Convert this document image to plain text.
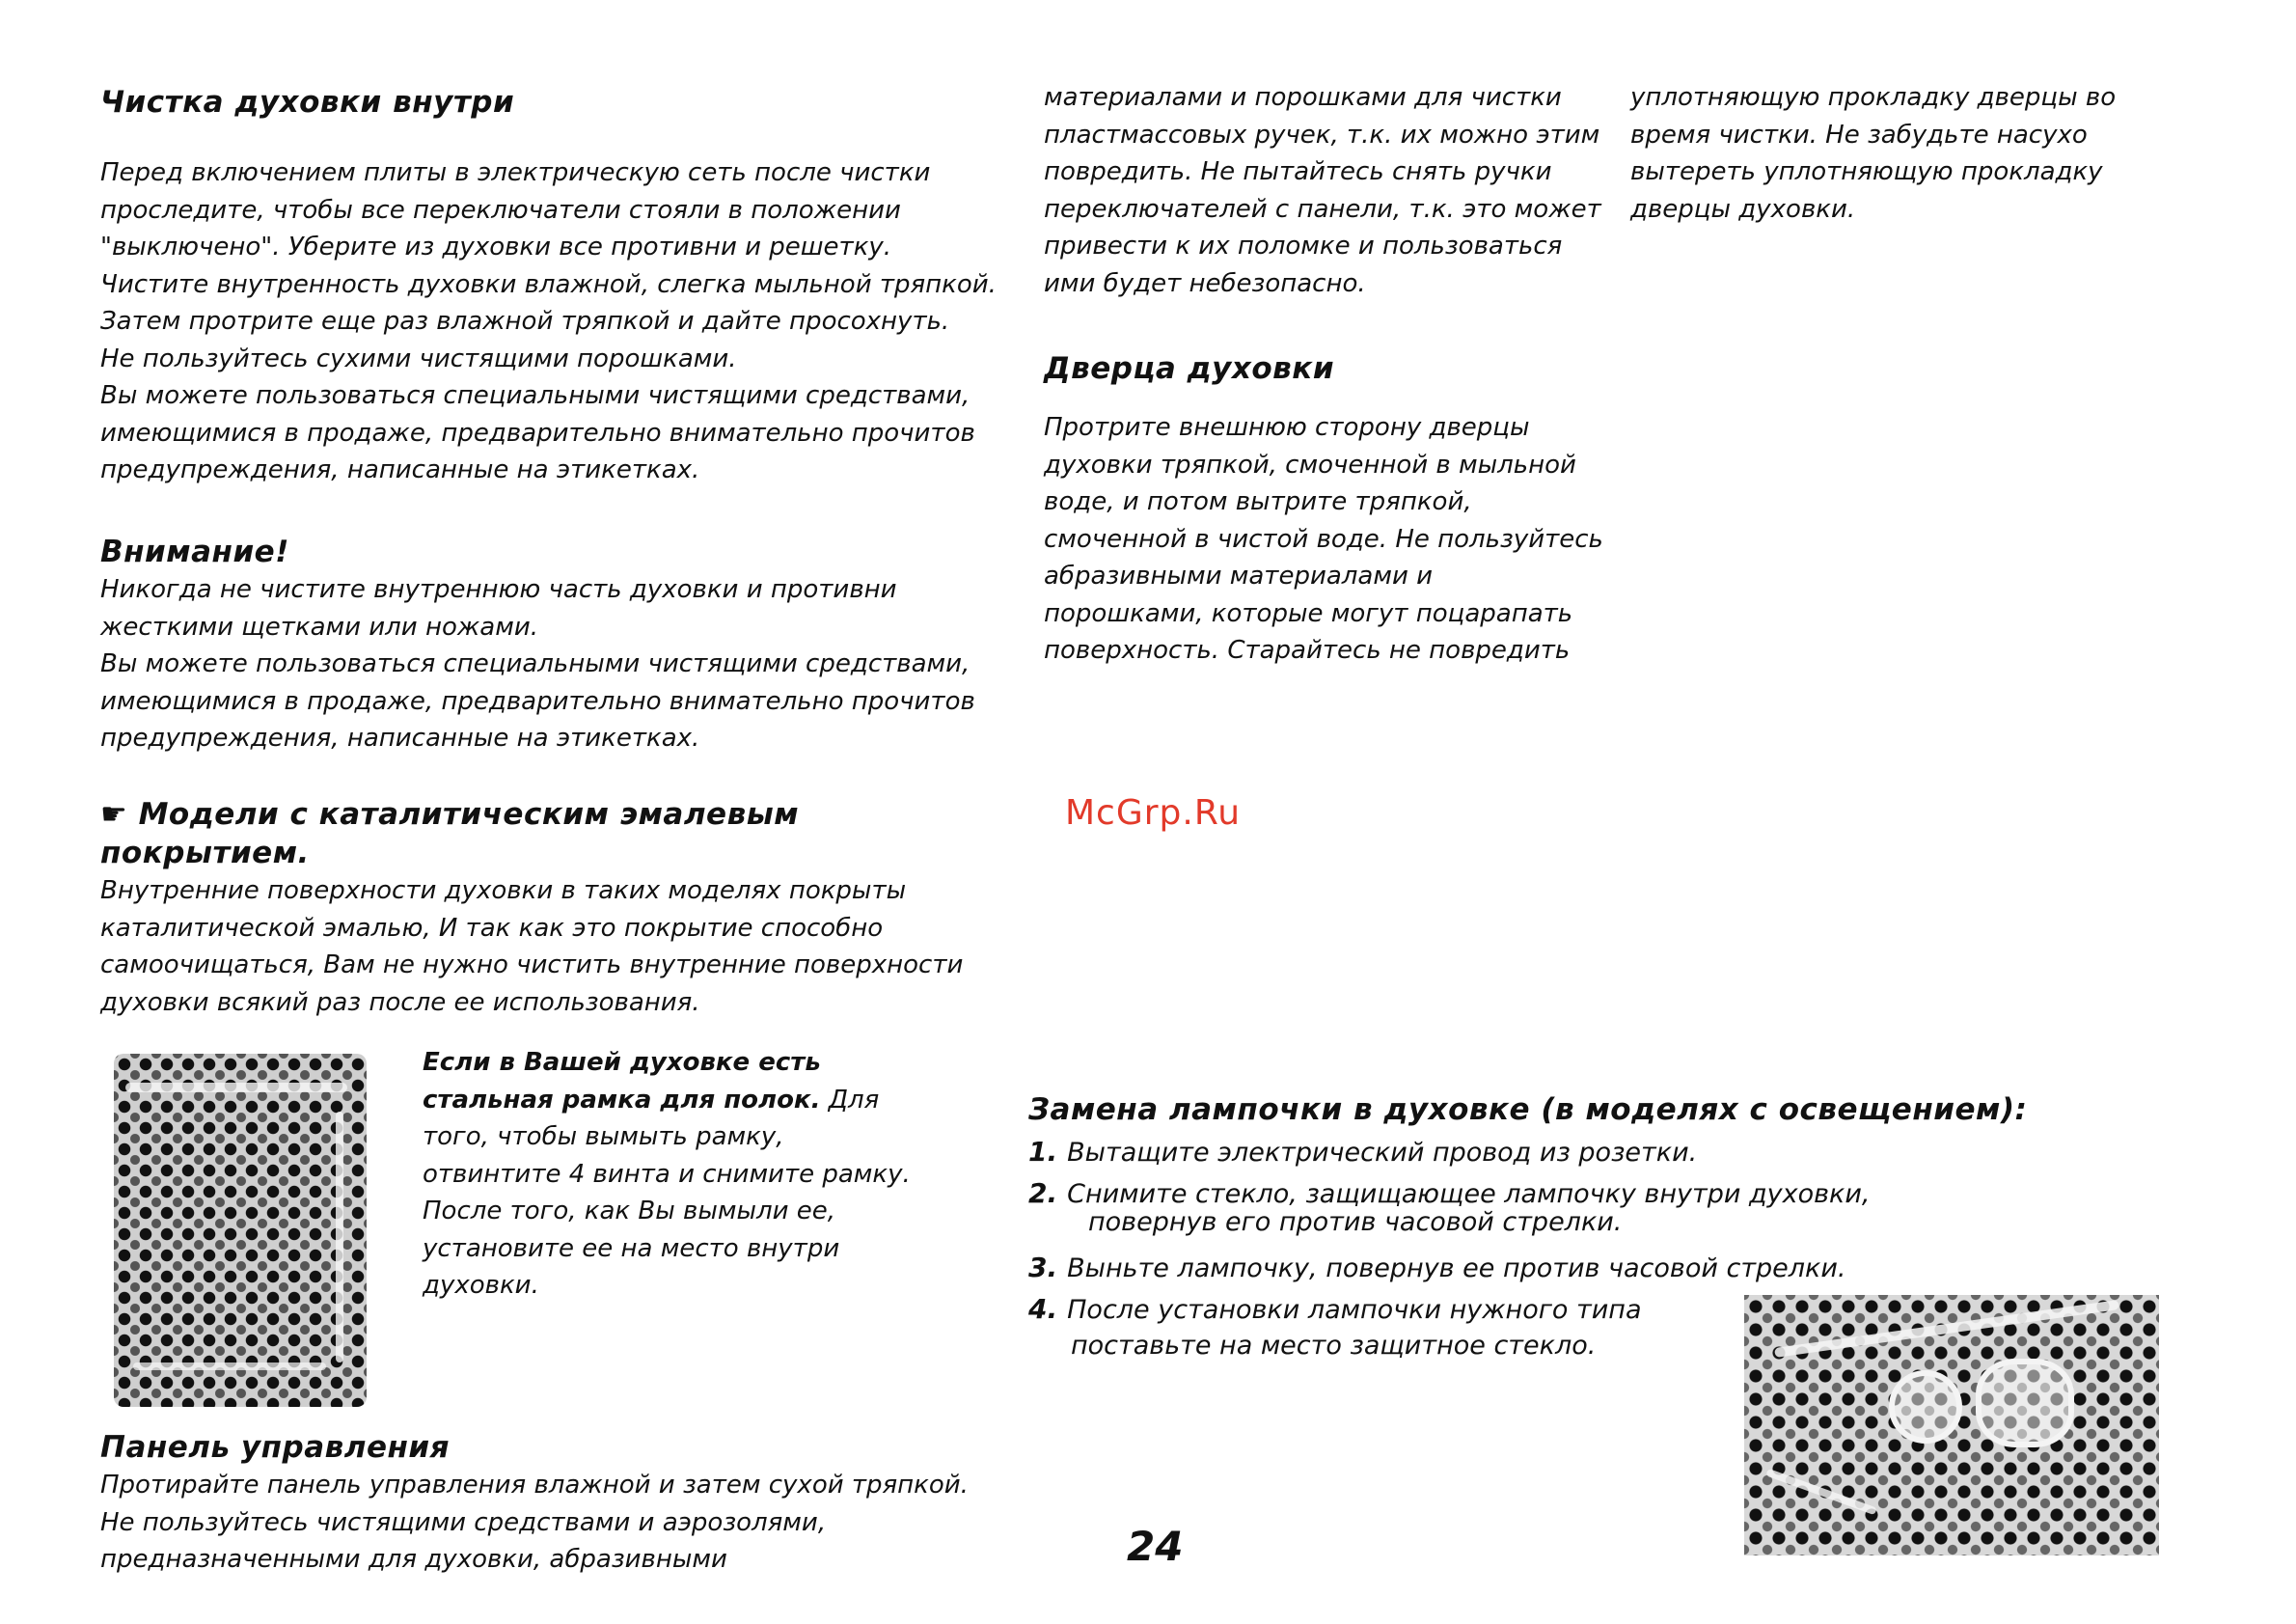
Чистка духовки внутри
Перед включением плиты в электрическую сеть после чистки
проследите, чтобы все переключатели стояли в положении
"выключено". Уберите из духовки все противни и решетку.
Чистите внутренность духовки влажной, слегка мыльной тряпкой.
Затем протрите еще раз влажной тряпкой и дайте просохнуть.
Не пользуйтесь сухими чистящими порошками.
Вы можете пользоваться специальными чистящими средствами,
имеющимися в продаже, предварительно внимательно прочитов
предупреждения, написанные на этикетках.
Внимание!
Никогда не чистите внутреннюю часть духовки и противни
жесткими щетками или ножами.
Вы можете пользоваться специальными чистящими средствами,
имеющимися в продаже, предварительно внимательно прочитов
предупреждения, написанные на этикетках.
☛ Модели с каталитическим эмалевым покрытием.
Внутренние поверхности духовки в таких моделях покрыты
каталитической эмалью, И так как это покрытие способно
самоочищаться, Вам не нужно чистить внутренние поверхности
духовки всякий раз после ее использования.
Если в Вашей духовке есть
стальная рамка для полок. Для
того, чтобы вымыть рамку,
отвинтите 4 винта и снимите рамку.
После того, как Вы вымыли ее,
установите ее на место внутри
духовки.
Панель управления
Протирайте панель управления влажной и затем сухой тряпкой.
Не пользуйтесь чистящими средствами и аэрозолями,
предназначенными для духовки, абразивными
материалами и порошками для чистки
пластмассовых ручек, т.к. их можно этим
повредить. Не пытайтесь снять ручки
переключателей с панели, т.к. это может
привести к их поломке и пользоваться
ими будет небезопасно.
Дверца духовки
Протрите внешнюю сторону дверцы
духовки тряпкой, смоченной в мыльной
воде, и потом вытрите тряпкой,
смоченной в чистой воде. Не пользуйтесь
абразивными материалами и
порошками, которые могут поцарапать
поверхность. Старайтесь не повредить
уплотняющую прокладку дверцы во
время чистки. Не забудьте насухо
вытереть уплотняющую прокладку
дверцы духовки.
McGrp.Ru
Замена лампочки в духовке (в моделях с освещением):
1. Вытащите электрический провод из розетки.
2. Снимите стекло, защищающее лампочку внутри духовки,
повернув его против часовой стрелки.
3. Выньте лампочку, повернув ее против часовой стрелки.
4. После установки лампочки нужного типа
поставьте на место защитное стекло.
24
